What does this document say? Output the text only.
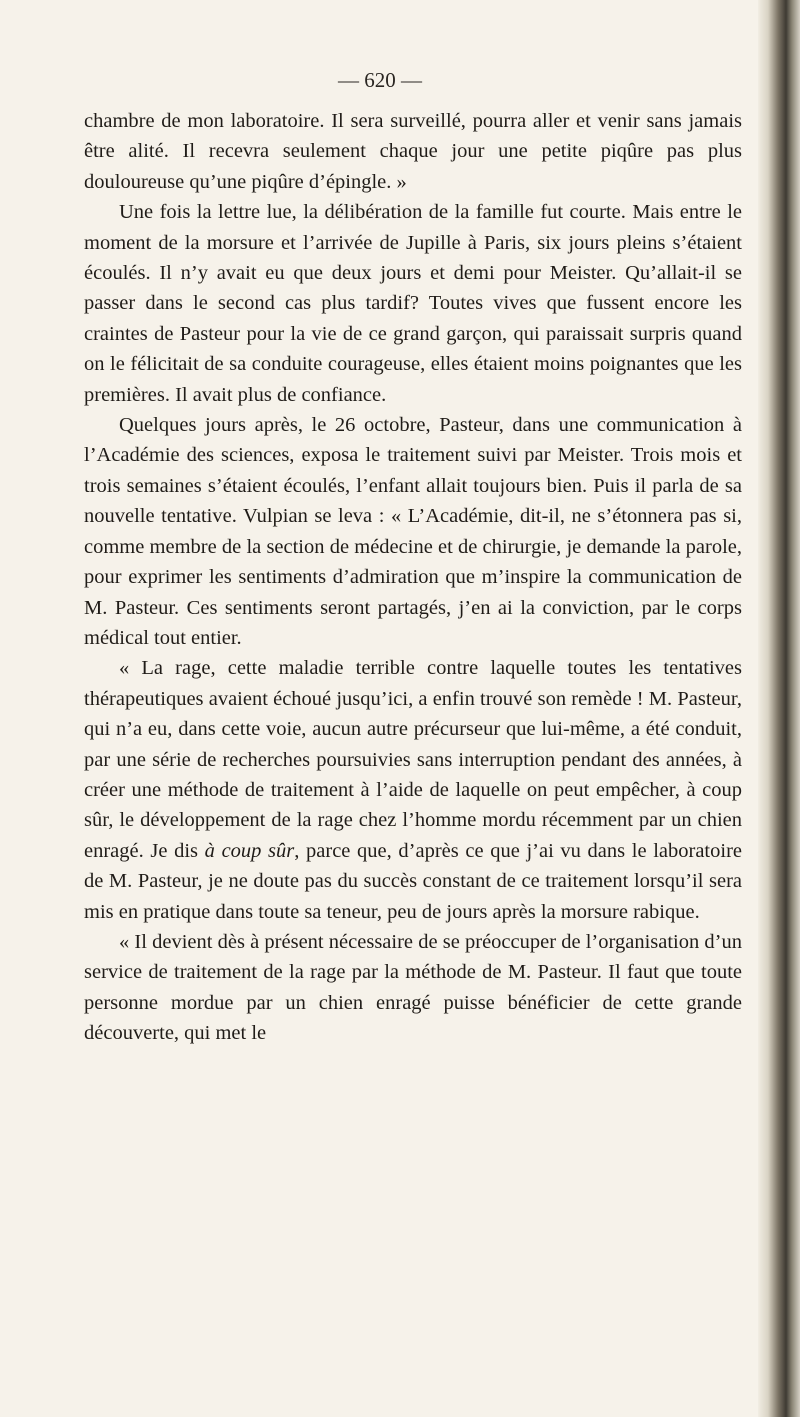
— 620 —

chambre de mon laboratoire. Il sera surveillé, pourra aller et venir sans jamais être alité. Il recevra seulement chaque jour une petite piqûre pas plus douloureuse qu’une piqûre d’épingle. »

Une fois la lettre lue, la délibération de la famille fut courte. Mais entre le moment de la morsure et l’arrivée de Jupille à Paris, six jours pleins s’étaient écoulés. Il n’y avait eu que deux jours et demi pour Meister. Qu’allait-il se passer dans le second cas plus tardif? Toutes vives que fussent encore les craintes de Pasteur pour la vie de ce grand garçon, qui paraissait surpris quand on le félicitait de sa conduite courageuse, elles étaient moins poignantes que les premières. Il avait plus de confiance.

Quelques jours après, le 26 octobre, Pasteur, dans une communication à l’Académie des sciences, exposa le traitement suivi par Meister. Trois mois et trois semaines s’étaient écoulés, l’enfant allait toujours bien. Puis il parla de sa nouvelle tentative. Vulpian se leva : « L’Académie, dit-il, ne s’étonnera pas si, comme membre de la section de médecine et de chirurgie, je demande la parole, pour exprimer les sentiments d’admiration que m’inspire la communication de M. Pasteur. Ces sentiments seront partagés, j’en ai la conviction, par le corps médical tout entier.

« La rage, cette maladie terrible contre laquelle toutes les tentatives thérapeutiques avaient échoué jusqu’ici, a enfin trouvé son remède ! M. Pasteur, qui n’a eu, dans cette voie, aucun autre précurseur que lui-même, a été conduit, par une série de recherches poursuivies sans interruption pendant des années, à créer une méthode de traitement à l’aide de laquelle on peut empêcher, à coup sûr, le développement de la rage chez l’homme mordu récemment par un chien enragé. Je dis à coup sûr, parce que, d’après ce que j’ai vu dans le laboratoire de M. Pasteur, je ne doute pas du succès constant de ce traitement lorsqu’il sera mis en pratique dans toute sa teneur, peu de jours après la morsure rabique.

« Il devient dès à présent nécessaire de se préoccuper de l’organisation d’un service de traitement de la rage par la méthode de M. Pasteur. Il faut que toute personne mordue par un chien enragé puisse bénéficier de cette grande découverte, qui met le
